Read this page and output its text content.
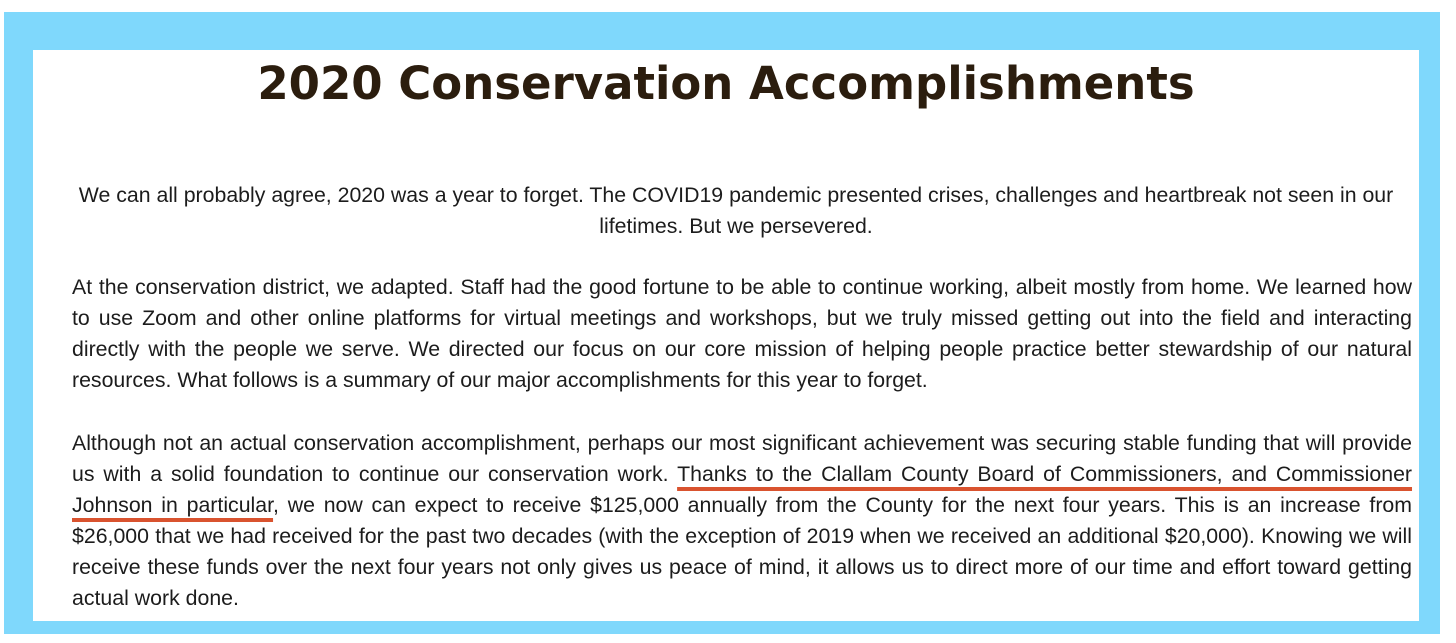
2020 Conservation Accomplishments

We can all probably agree, 2020 was a year to forget. The COVID19 pandemic presented crises, challenges and heartbreak not seen in our lifetimes. But we persevered.

At the conservation district, we adapted. Staff had the good fortune to be able to continue working, albeit mostly from home. We learned how to use Zoom and other online platforms for virtual meetings and workshops, but we truly missed getting out into the field and interacting directly with the people we serve. We directed our focus on our core mission of helping people practice better stewardship of our natural resources. What follows is a summary of our major accomplishments for this year to forget.

Although not an actual conservation accomplishment, perhaps our most significant achievement was securing stable funding that will provide us with a solid foundation to continue our conservation work. Thanks to the Clallam County Board of Commissioners, and Commissioner Johnson in particular, we now can expect to receive $125,000 annually from the County for the next four years. This is an increase from $26,000 that we had received for the past two decades (with the exception of 2019 when we received an additional $20,000). Knowing we will receive these funds over the next four years not only gives us peace of mind, it allows us to direct more of our time and effort toward getting actual work done.
